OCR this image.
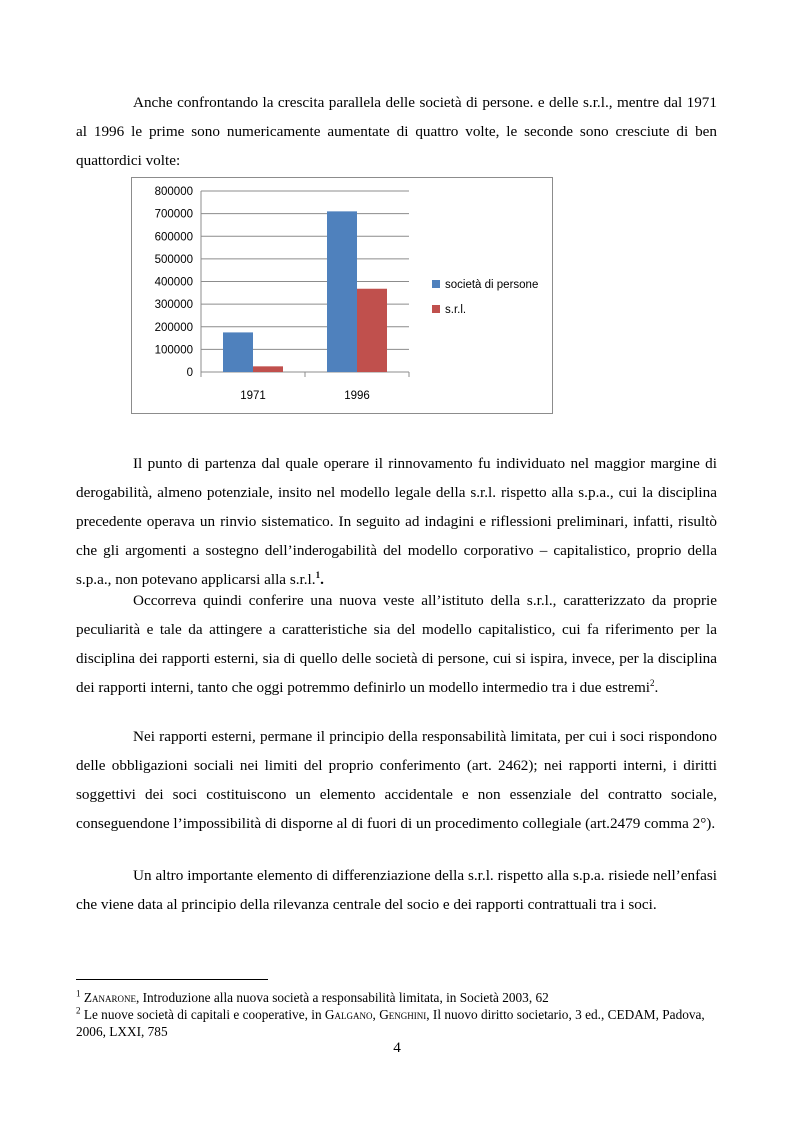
Anche confrontando la crescita parallela delle società di persone. e delle s.r.l., mentre dal 1971 al 1996 le prime sono numericamente aumentate di quattro volte, le seconde sono cresciute di ben quattordici volte:

0
100000
200000
300000
400000
500000
600000
700000
800000
1971	1996
società di persone
s.r.l.

Il punto di partenza dal quale operare il rinnovamento fu individuato nel maggior margine di derogabilità, almeno potenziale, insito nel modello legale della s.r.l. rispetto alla s.p.a., cui la disciplina precedente operava un rinvio sistematico. In seguito ad indagini e riflessioni preliminari, infatti, risultò che gli argomenti a sostegno dell’inderogabilità del modello corporativo – capitalistico, proprio della s.p.a., non potevano applicarsi alla s.r.l.$^1$.

Occorreva quindi conferire una nuova veste all’istituto della s.r.l., caratterizzato da proprie peculiarità e tale da attingere a caratteristiche sia del modello capitalistico, cui fa riferimento per la disciplina dei rapporti esterni, sia di quello delle società di persone, cui si ispira, invece, per la disciplina dei rapporti interni, tanto che oggi potremmo definirlo un modello intermedio tra i due estremi$^2$.

Nei rapporti esterni, permane il principio della responsabilità limitata, per cui i soci rispondono delle obbligazioni sociali nei limiti del proprio conferimento (art. 2462); nei rapporti interni, i diritti soggettivi dei soci costituiscono un elemento accidentale e non essenziale del contratto sociale, conseguendone l’impossibilità di disporne al di fuori di un procedimento collegiale (art.2479 comma 2°).

Un altro importante elemento di differenziazione della s.r.l. rispetto alla s.p.a. risiede nell’enfasi che viene data al principio della rilevanza centrale del socio e dei rapporti contrattuali tra i soci.

$^1$ Zanarone, Introduzione alla nuova società a responsabilità limitata, in Società 2003, 62

$^2$ Le nuove società di capitali e cooperative, in Galgano, Genghini, Il nuovo diritto societario, 3 ed., CEDAM, Padova, 2006, LXXI, 785

4
